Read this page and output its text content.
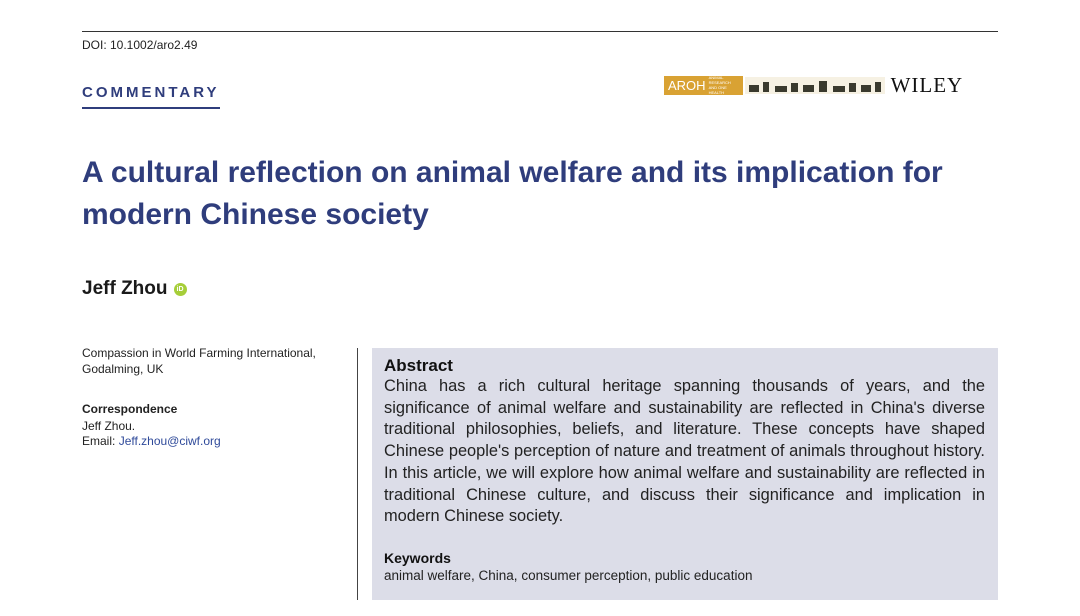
DOI: 10.1002/aro2.49
COMMENTARY	AROH ANIMAL RESEARCH AND ONE HEALTH	WILEY
A cultural reflection on animal welfare and its implication for modern Chinese society
Jeff Zhou	iD
Compassion in World Farming International, Godalming, UK
Correspondence
Jeff Zhou.
Email: Jeff.zhou@ciwf.org

Abstract

China has a rich cultural heritage spanning thousands of years, and the significance of animal welfare and sustainability are reflected in China's diverse traditional philosophies, beliefs, and literature. These concepts have shaped Chinese people's perception of nature and treatment of animals throughout history. In this article, we will explore how animal welfare and sustainability are reflected in traditional Chinese culture, and discuss their significance and implication in modern Chinese society.

Keywords
animal welfare, China, consumer perception, public education
